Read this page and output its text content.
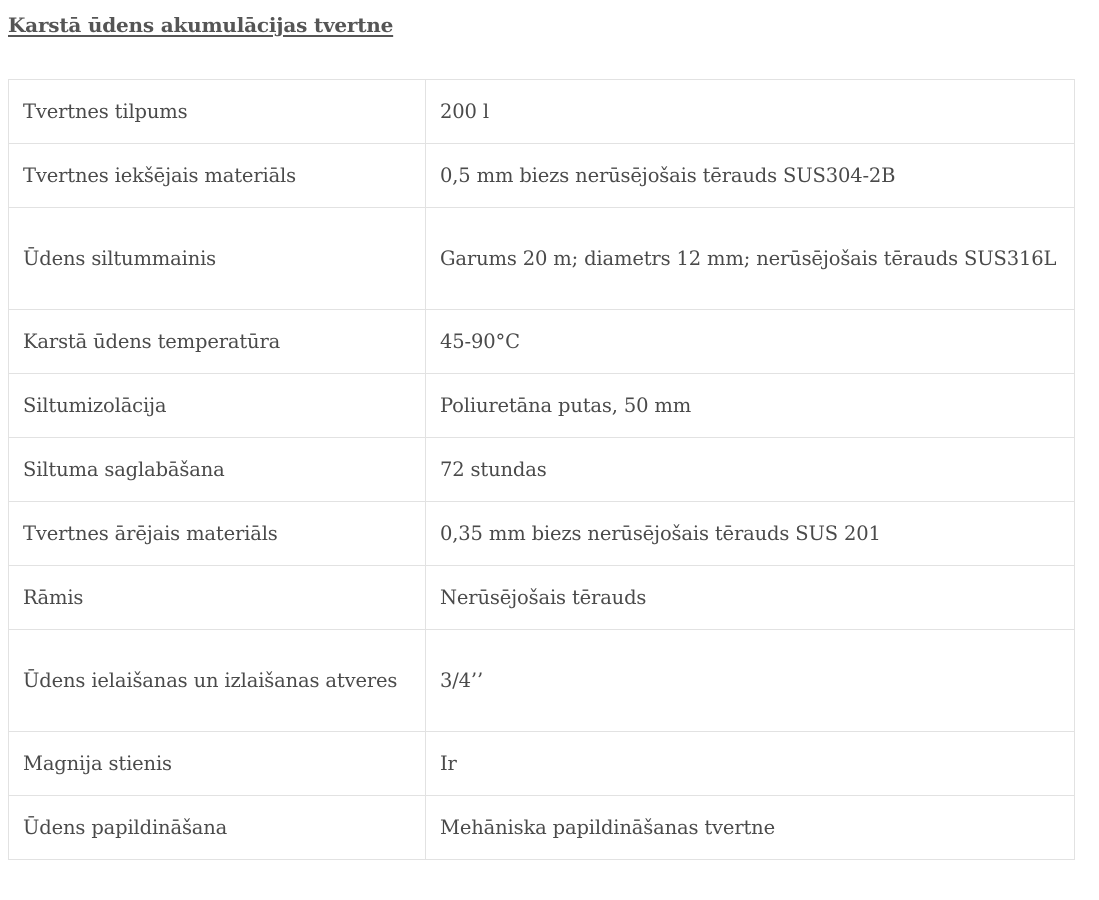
Karstā ūdens akumulācijas tvertne
Tvertnes tilpums	200 l
Tvertnes iekšējais materiāls	0,5 mm biezs nerūsējošais tērauds SUS304-2B
Ūdens siltummainis	Garums 20 m; diametrs 12 mm; nerūsējošais tērauds SUS316L
Karstā ūdens temperatūra	45-90°C
Siltumizolācija	Poliuretāna putas, 50 mm
Siltuma saglabāšana	72 stundas
Tvertnes ārējais materiāls	0,35 mm biezs nerūsējošais tērauds SUS 201
Rāmis	Nerūsējošais tērauds
Ūdens ielaišanas un izlaišanas atveres	3/4’’
Magnija stienis	Ir
Ūdens papildināšana	Mehāniska papildināšanas tvertne
